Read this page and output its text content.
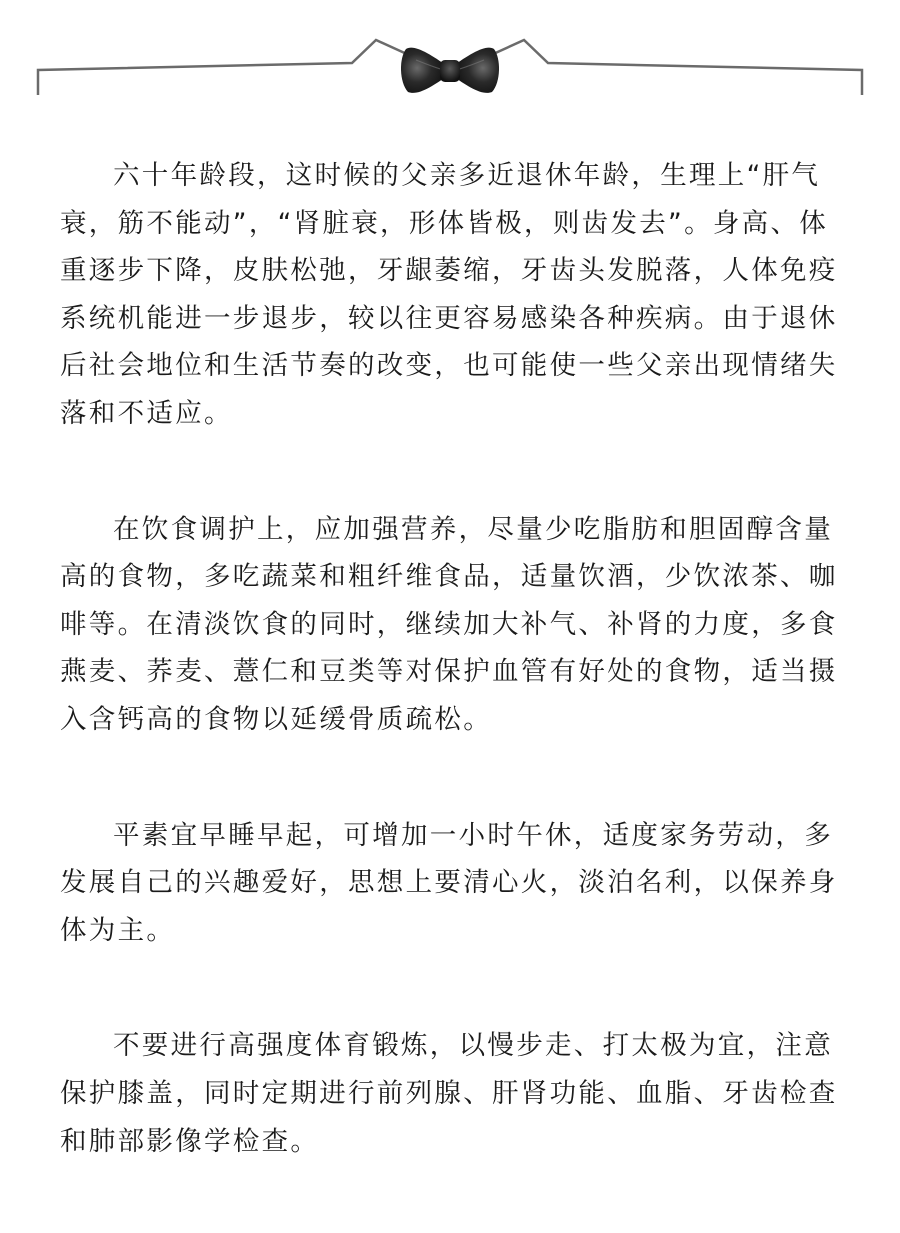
六十年龄段，这时候的父亲多近退休年龄，生理上“肝气衰，筋不能动”，“肾脏衰，形体皆极，则齿发去”。身高、体重逐步下降，皮肤松弛，牙龈萎缩，牙齿头发脱落，人体免疫系统机能进一步退步，较以往更容易感染各种疾病。由于退休后社会地位和生活节奏的改变，也可能使一些父亲出现情绪失落和不适应。

在饮食调护上，应加强营养，尽量少吃脂肪和胆固醇含量高的食物，多吃蔬菜和粗纤维食品，适量饮酒，少饮浓茶、咖啡等。在清淡饮食的同时，继续加大补气、补肾的力度，多食燕麦、荞麦、薏仁和豆类等对保护血管有好处的食物，适当摄入含钙高的食物以延缓骨质疏松。

平素宜早睡早起，可增加一小时午休，适度家务劳动，多发展自己的兴趣爱好，思想上要清心火，淡泊名利，以保养身体为主。

不要进行高强度体育锻炼，以慢步走、打太极为宜，注意保护膝盖，同时定期进行前列腺、肝肾功能、血脂、牙齿检查和肺部影像学检查。
